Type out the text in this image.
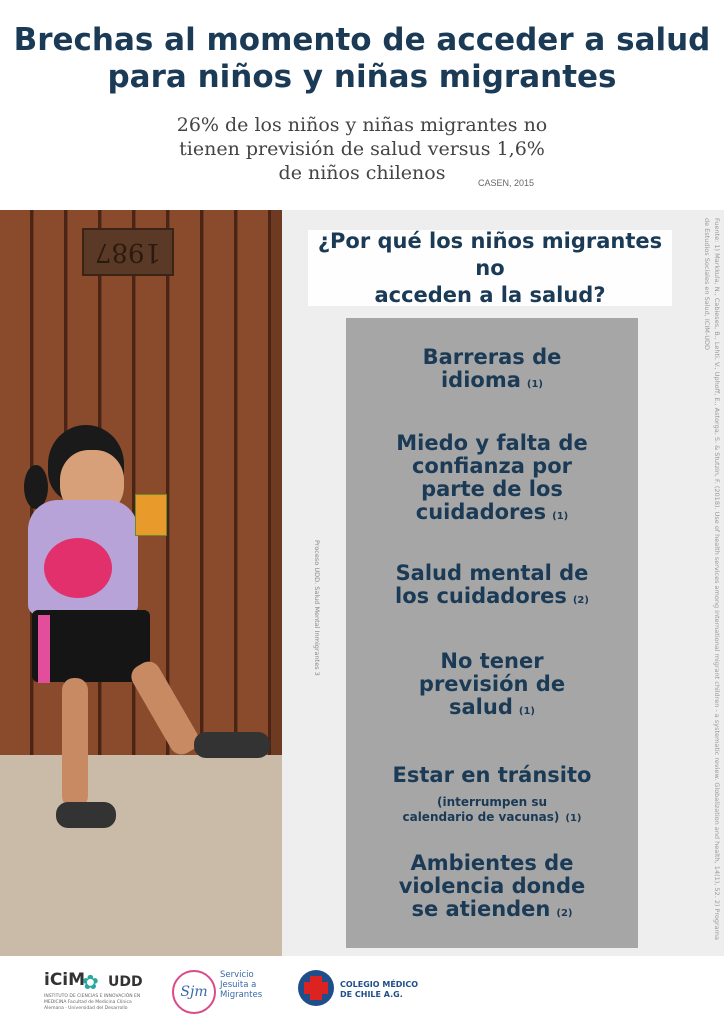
Brechas al momento de acceder a salud
para niños y niñas migrantes
26% de los niños y niñas migrantes no
tienen previsión de salud versus 1,6%
de niños chilenos	CASEN, 2015
1987
Proceso UDD. Salud Mental Inmigrantes 3	Fuente: 1) Markkula, N., Cabieses, B., Lehti, V., Uphoff, E., Astorga, S. & Stutzin, F. (2018). Use of health services among international migrant children - a systematic review. Globalization and health, 14(1), 52. 2) Programa de Estudios Sociales en Salud, ICIM-UDD
¿Por qué los niños migrantes no
acceden a la salud?
Barreras de
idioma (1)
Miedo y falta de
confianza por
parte de los
cuidadores (1)
Salud mental de
los cuidadores (2)
No tener
previsión de
salud (1)
Estar en tránsito
(interrumpen su
calendario de vacunas) (1)
Ambientes de
violencia donde
se atienden (2)
iCiM
✿ UDD
INSTITUTO DE CIENCIAS E INNOVACIÓN EN MEDICINA Facultad de Medicina Clínica Alemana · Universidad del Desarrollo
Sjm
Servicio
Jesuita a
Migrantes
COLEGIO MÉDICO
DE CHILE A.G.
